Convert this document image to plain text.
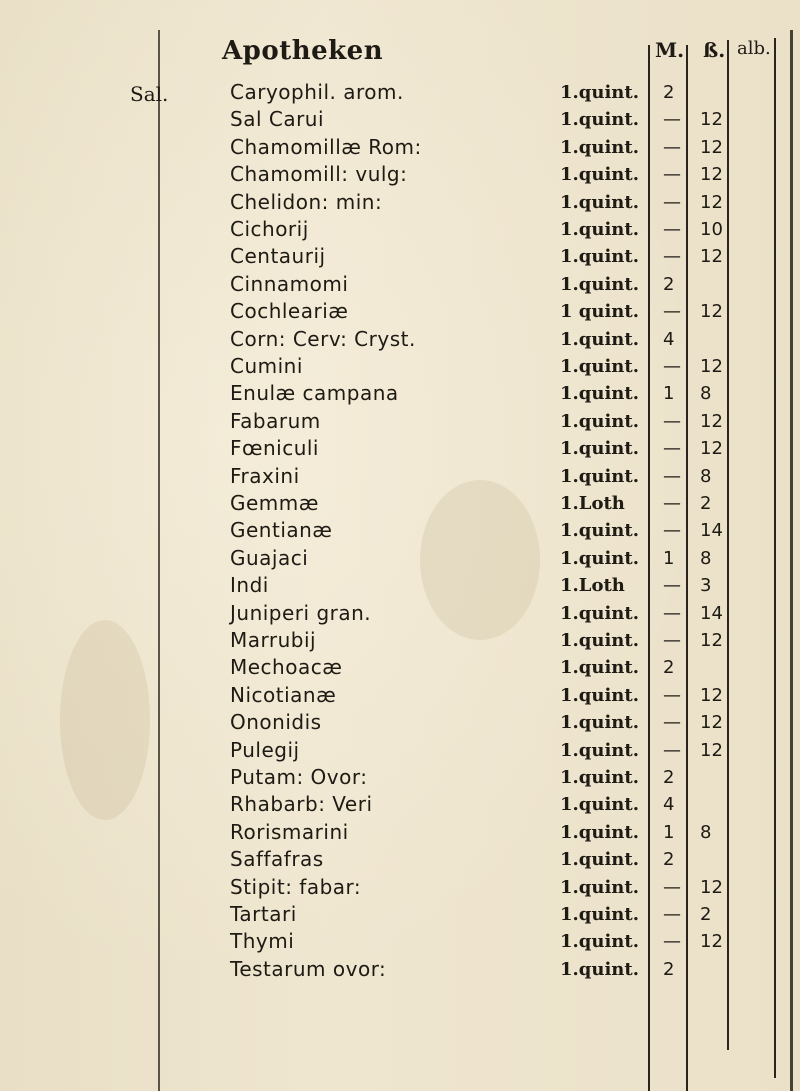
Apotheken	M. ß. alb.
Sal.	Caryophil. arom.	1.quint. 2
Sal Carui	1.quint. — 12
Chamomillæ Rom:	1.quint. — 12
Chamomill: vulg:	1.quint. — 12
Chelidon: min:	1.quint. — 12
Cichorij	1.quint. — 10
Centaurij	1.quint. — 12
Cinnamomi	1.quint. 2
Cochleariæ	1 quint. — 12
Corn: Cerv: Cryst.	1.quint. 4
Cumini	1.quint. — 12
Enulæ campana	1.quint. 1 8
Fabarum	1.quint. — 12
Fœniculi	1.quint. — 12
Fraxini	1.quint. — 8
Gemmæ	1.Loth — 2
Gentianæ	1.quint. — 14
Guajaci	1.quint. 1 8
Indi	1.Loth — 3
Juniperi gran.	1.quint. — 14
Marrubij	1.quint. — 12
Mechoacæ	1.quint. 2
Nicotianæ	1.quint. — 12
Ononidis	1.quint. — 12
Pulegij	1.quint. — 12
Putam: Ovor:	1.quint. 2
Rhabarb: Veri	1.quint. 4
Rorismarini	1.quint. 1 8
Saffafras	1.quint. 2
Stipit: fabar:	1.quint. — 12
Tartari	1.quint. — 2
Thymi	1.quint. — 12
Testarum ovor:	1.quint. 2
